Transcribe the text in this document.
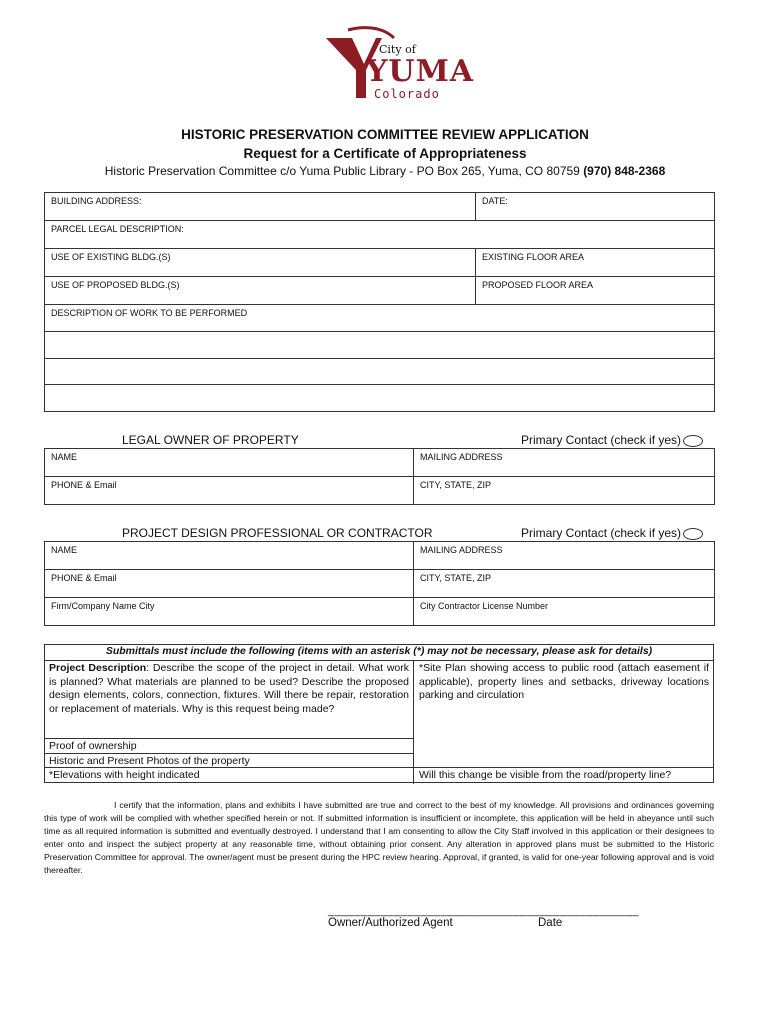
City of
YUMA
Colorado
HISTORIC PRESERVATION COMMITTEE REVIEW APPLICATION
Request for a Certificate of Appropriateness
Historic Preservation Committee c/o Yuma Public Library - PO Box 265, Yuma, CO 80759 (970) 848-2368
BUILDING ADDRESS:	DATE:
PARCEL LEGAL DESCRIPTION:	
USE OF EXISTING BLDG.(S)	EXISTING FLOOR AREA
USE OF PROPOSED BLDG.(S)	PROPOSED FLOOR AREA
DESCRIPTION OF WORK TO BE PERFORMED	

LEGAL OWNER OF PROPERTY	Primary Contact (check if yes)
NAME	MAILING ADDRESS
PHONE & Email	CITY, STATE, ZIP
PROJECT DESIGN PROFESSIONAL OR CONTRACTOR	Primary Contact (check if yes)
NAME	MAILING ADDRESS
PHONE & Email	CITY, STATE, ZIP
Firm/Company Name City	City Contractor License Number
Submittals must include the following (items with an asterisk (*) may not be necessary, please ask for details)
Project Description: Describe the scope of the project in detail. What work is planned? What materials are planned to be used? Describe the proposed design elements, colors, connection, fixtures. Will there be repair, restoration or replacement of materials. Why is this request being made?
*Site Plan showing access to public rood (attach easement if applicable), property lines and setbacks, driveway locations parking and circulation
Proof of ownership
Historic and Present Photos of the property
*Elevations with height indicated	Will this change be visible from the road/property line?
I certify that the information, plans and exhibits I have submitted are true and correct to the best of my knowledge. All provisions and ordinances governing this type of work will be complied with whether specified herein or not. If submitted information is insufficient or incomplete, this application will be held in abeyance until such time as all required information is submitted and eventually destroyed. I understand that I am consenting to allow the City Staff involved in this application or their designees to enter onto and inspect the subject property at any reasonable time, without obtaining prior consent. Any alteration in approved plans must be submitted to the Historic Preservation Committee for approval. The owner/agent must be present during the HPC review hearing. Approval, if granted, is valid for one-year following approval and is void thereafter.
_______________________________________________
Owner/Authorized Agent	Date
